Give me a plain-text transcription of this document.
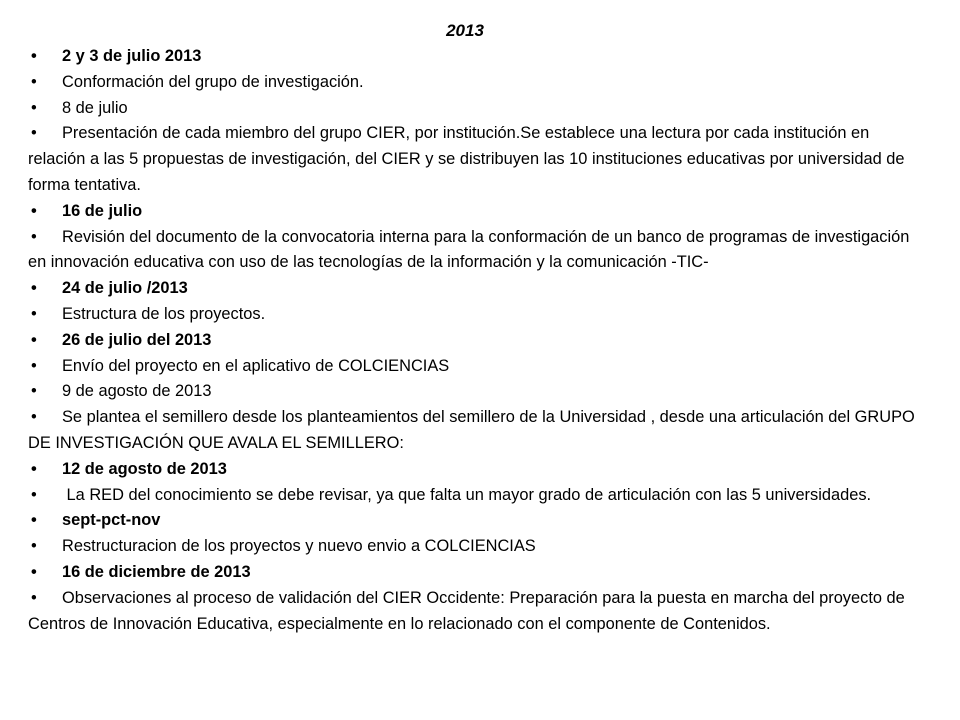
2013

• 2 y 3 de julio 2013

• Conformación del grupo de investigación.

• 8 de julio

• Presentación de cada miembro del grupo CIER, por institución.Se establece una lectura por cada institución en relación a las 5 propuestas de investigación, del CIER y se distribuyen las 10 instituciones educativas por universidad de forma tentativa.

• 16 de julio

• Revisión del documento de la convocatoria interna para la conformación de un banco de programas de investigación en innovación educativa con uso de las tecnologías de la información y la comunicación -TIC-

• 24 de julio /2013

• Estructura de los proyectos.

• 26 de julio del 2013

• Envío del proyecto en el aplicativo de COLCIENCIAS

• 9 de agosto de 2013

• Se plantea el semillero desde los planteamientos del semillero de la Universidad , desde una articulación del GRUPO DE INVESTIGACIÓN QUE AVALA EL SEMILLERO:

• 12 de agosto de 2013

• La RED del conocimiento se debe revisar, ya que falta un mayor grado de articulación con las 5 universidades.

• sept-pct-nov

• Restructuracion de los proyectos y nuevo envio a COLCIENCIAS

• 16 de diciembre de 2013

• Observaciones al proceso de validación del CIER Occidente: Preparación para la puesta en marcha del proyecto de Centros de Innovación Educativa, especialmente en lo relacionado con el componente de Contenidos.
